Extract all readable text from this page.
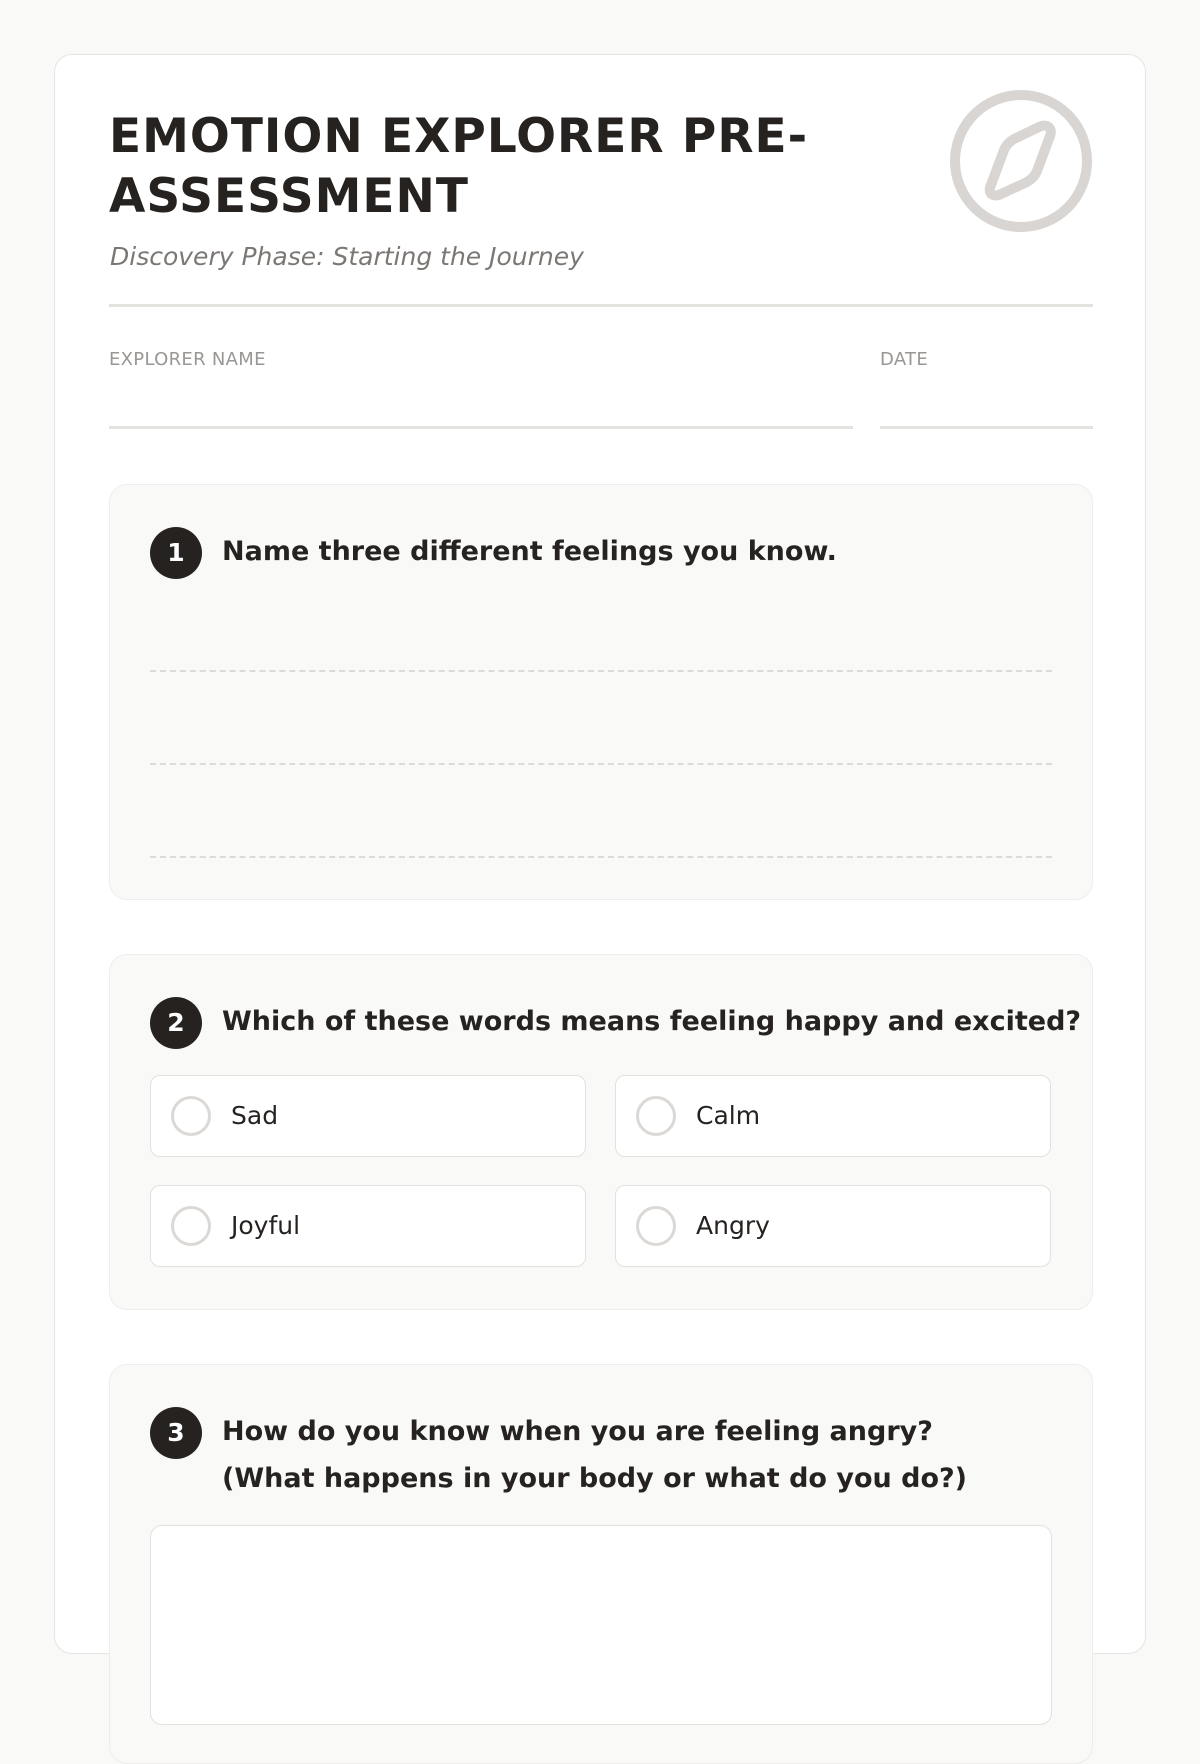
EMOTION EXPLORER PRE-ASSESSMENT

Discovery Phase: Starting the Journey

EXPLORER NAME	DATE
1	Name three different feelings you know.

2	Which of these words means feeling happy and excited?

Sad	Calm
Joyful	Angry
3	How do you know when you are feeling angry? (What happens in your body or what do you do?)
